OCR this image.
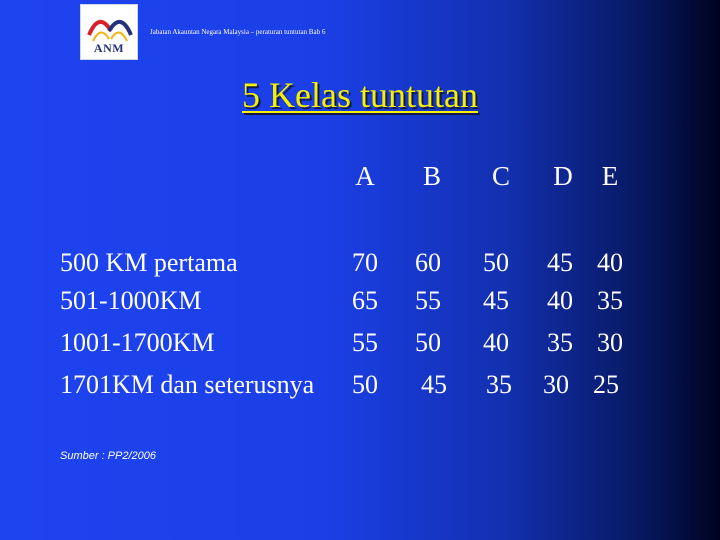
ANM
Jabatan Akauntan Negara Malaysia – peraturan tuntutan Bab 6
5 Kelas tuntutan
A	B	C	D	E
500 KM pertama	70 60 50 45 40
501-1000KM	65 55 45 40 35
1001-1700KM	55 50 40 35 30
1701KM dan seterusnya 50 45 35 30 25
Sumber : PP2/2006
